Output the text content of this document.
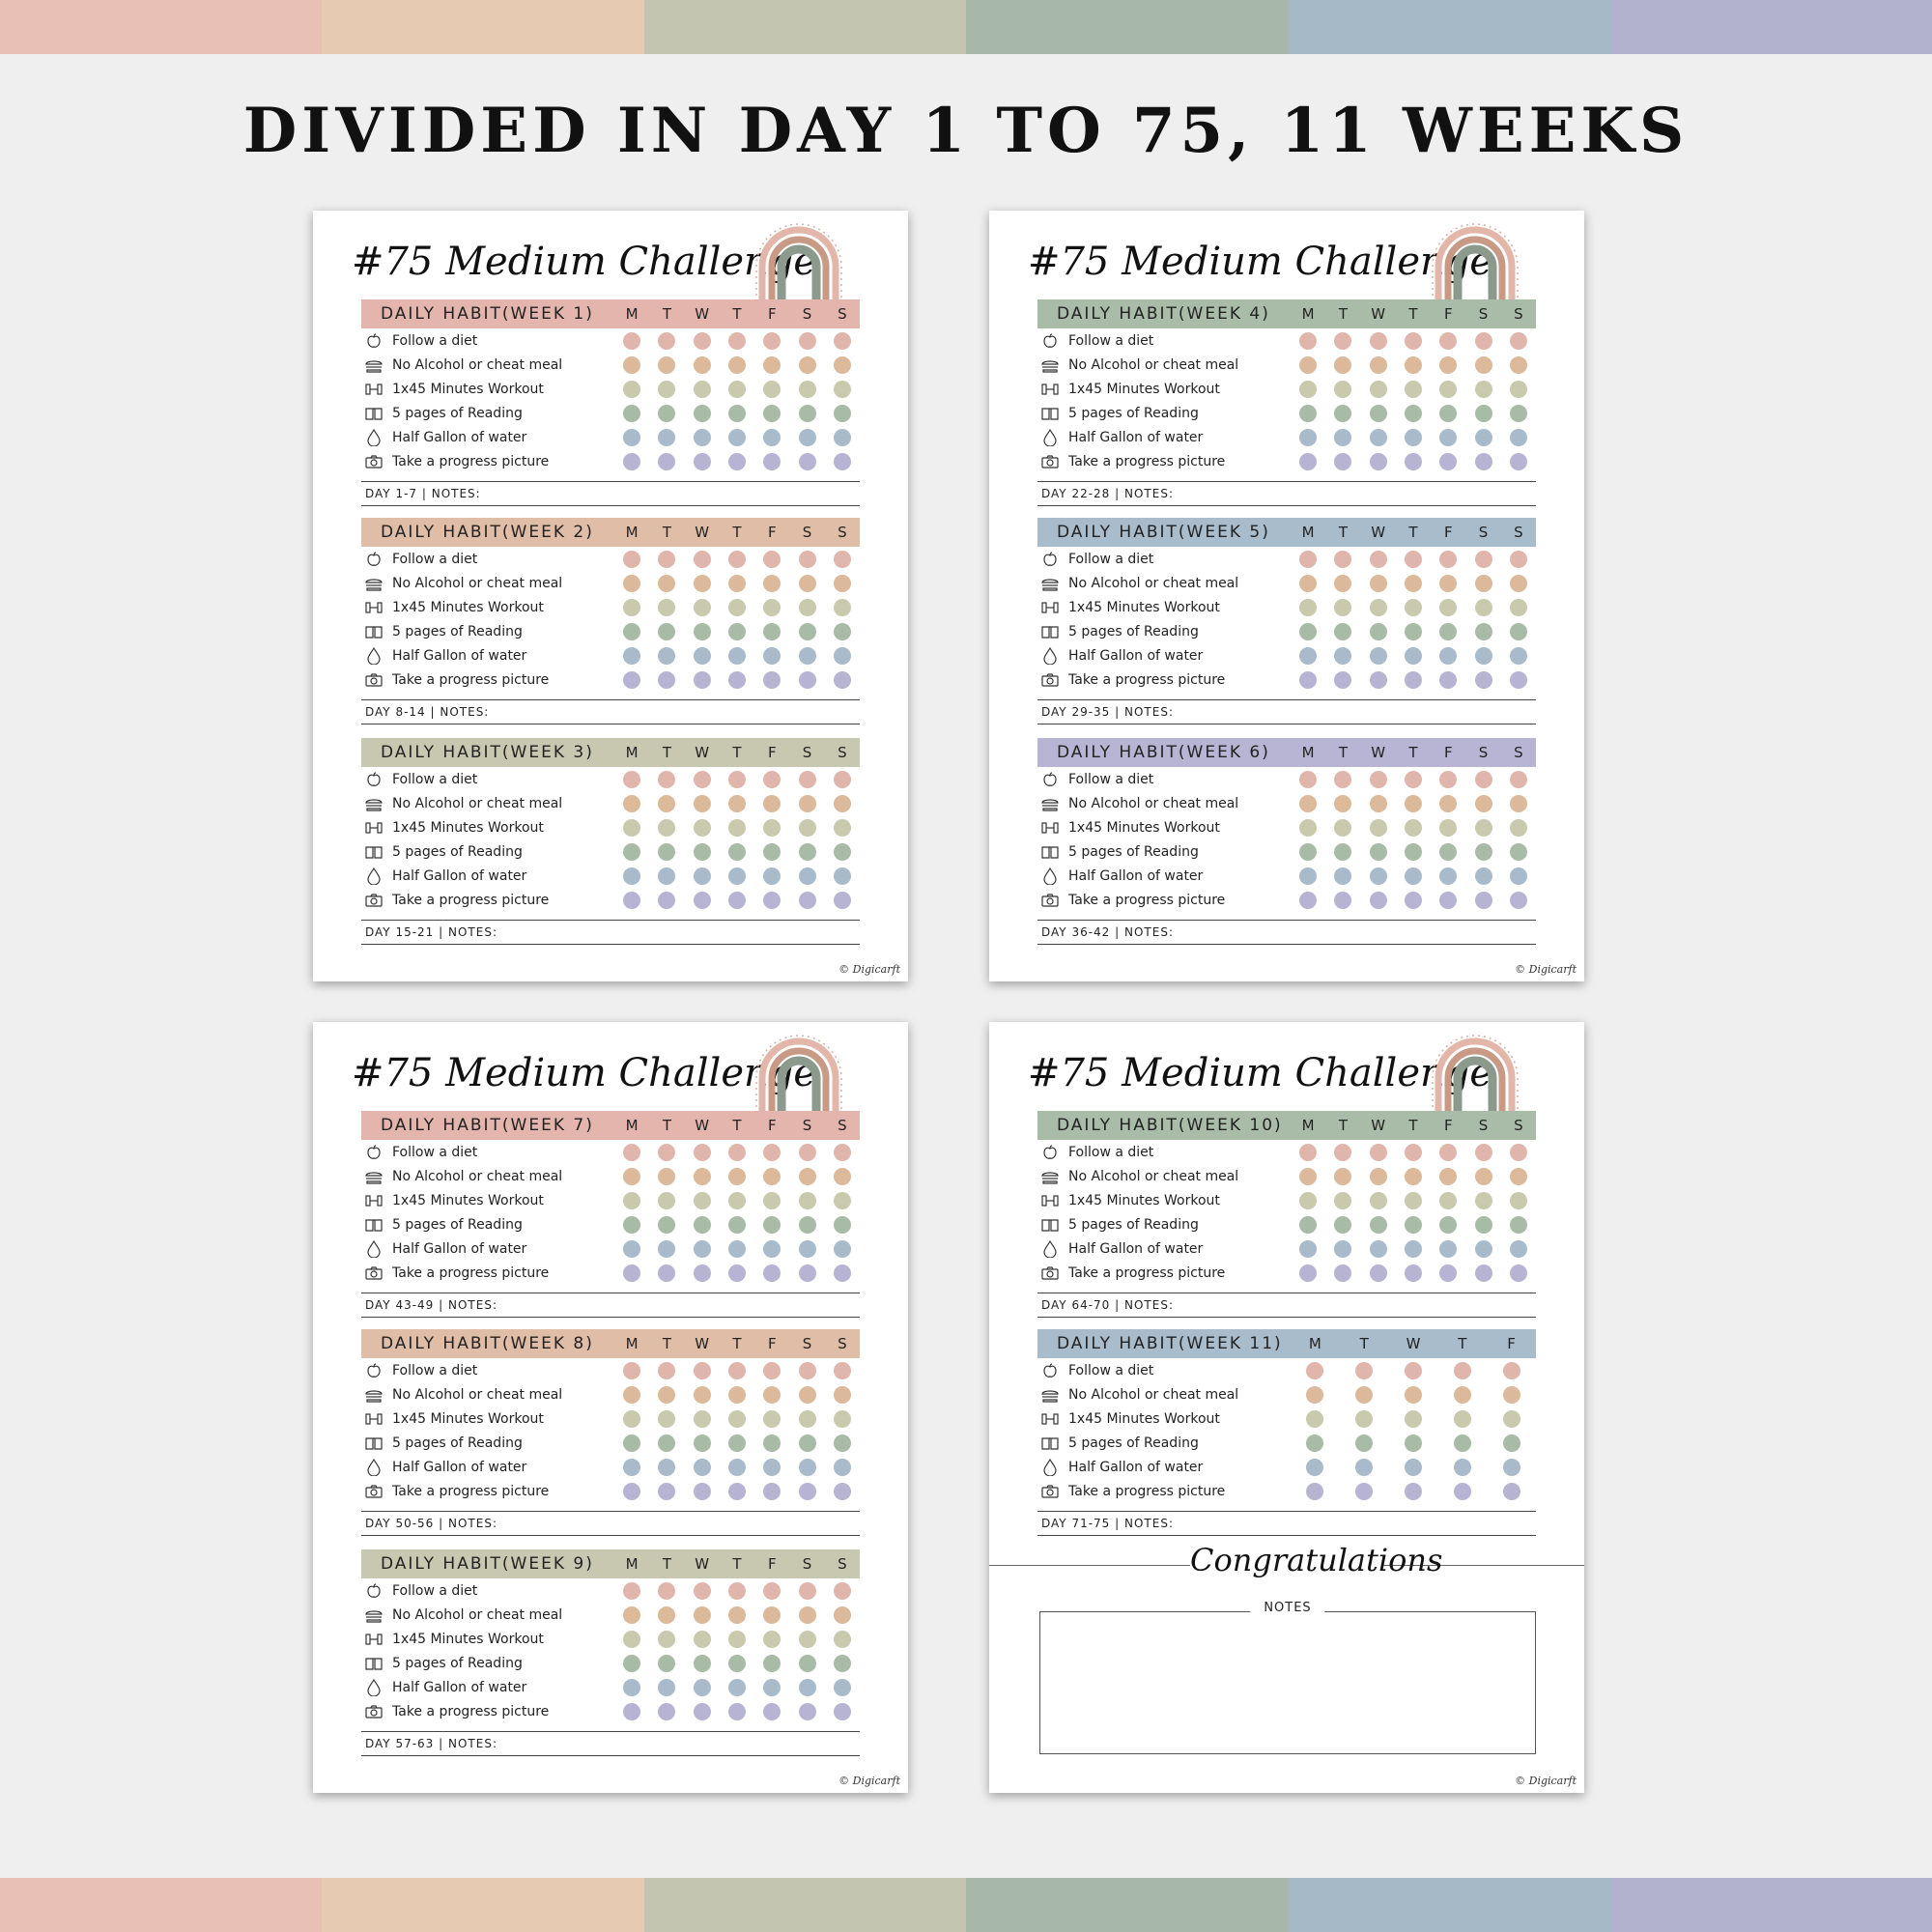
DIVIDED IN DAY 1 TO 75, 11 WEEKS
#75 Medium Challenge
DAILY HABIT(WEEK 1)	M	T	W	T	F	S	S
Follow a diet
No Alcohol or cheat meal
1x45 Minutes Workout
5 pages of Reading
Half Gallon of water
Take a progress picture
DAY 1-7 | NOTES:
DAILY HABIT(WEEK 2)	M	T	W	T	F	S	S
Follow a diet
No Alcohol or cheat meal
1x45 Minutes Workout
5 pages of Reading
Half Gallon of water
Take a progress picture
DAY 8-14 | NOTES:
DAILY HABIT(WEEK 3)	M	T	W	T	F	S	S
Follow a diet
No Alcohol or cheat meal
1x45 Minutes Workout
5 pages of Reading
Half Gallon of water
Take a progress picture
DAY 15-21 | NOTES:
© Digicarft
#75 Medium Challenge
DAILY HABIT(WEEK 4)	M	T	W	T	F	S	S
Follow a diet
No Alcohol or cheat meal
1x45 Minutes Workout
5 pages of Reading
Half Gallon of water
Take a progress picture
DAY 22-28 | NOTES:
DAILY HABIT(WEEK 5)	M	T	W	T	F	S	S
Follow a diet
No Alcohol or cheat meal
1x45 Minutes Workout
5 pages of Reading
Half Gallon of water
Take a progress picture
DAY 29-35 | NOTES:
DAILY HABIT(WEEK 6)	M	T	W	T	F	S	S
Follow a diet
No Alcohol or cheat meal
1x45 Minutes Workout
5 pages of Reading
Half Gallon of water
Take a progress picture
DAY 36-42 | NOTES:
© Digicarft
#75 Medium Challenge
DAILY HABIT(WEEK 7)	M	T	W	T	F	S	S
Follow a diet
No Alcohol or cheat meal
1x45 Minutes Workout
5 pages of Reading
Half Gallon of water
Take a progress picture
DAY 43-49 | NOTES:
DAILY HABIT(WEEK 8)	M	T	W	T	F	S	S
Follow a diet
No Alcohol or cheat meal
1x45 Minutes Workout
5 pages of Reading
Half Gallon of water
Take a progress picture
DAY 50-56 | NOTES:
DAILY HABIT(WEEK 9)	M	T	W	T	F	S	S
Follow a diet
No Alcohol or cheat meal
1x45 Minutes Workout
5 pages of Reading
Half Gallon of water
Take a progress picture
DAY 57-63 | NOTES:
© Digicarft
#75 Medium Challenge
DAILY HABIT(WEEK 10)	M	T	W	T	F	S	S
Follow a diet
No Alcohol or cheat meal
1x45 Minutes Workout
5 pages of Reading
Half Gallon of water
Take a progress picture
DAY 64-70 | NOTES:
DAILY HABIT(WEEK 11)	M	T	W	T	F
Follow a diet
No Alcohol or cheat meal
1x45 Minutes Workout
5 pages of Reading
Half Gallon of water
Take a progress picture
DAY 71-75 | NOTES:
Congratulations
NOTES
© Digicarft
